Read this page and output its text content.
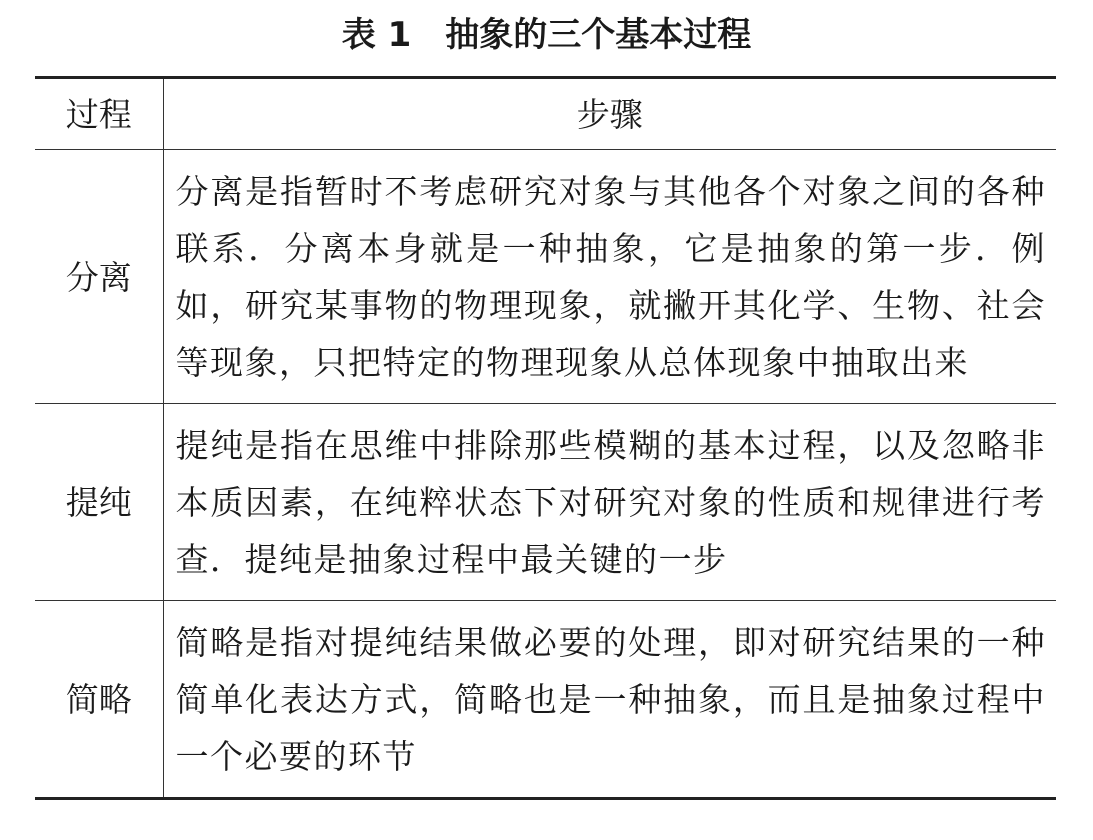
表 1　抽象的三个基本过程
过程	步骤
分离	分离是指暂时不考虑研究对象与其他各个对象之间的各种联系．分离本身就是一种抽象，它是抽象的第一步．例如，研究某事物的物理现象，就撇开其化学、生物、社会等现象，只把特定的物理现象从总体现象中抽取出来
提纯	提纯是指在思维中排除那些模糊的基本过程，以及忽略非本质因素，在纯粹状态下对研究对象的性质和规律进行考查．提纯是抽象过程中最关键的一步
简略	简略是指对提纯结果做必要的处理，即对研究结果的一种简单化表达方式，简略也是一种抽象，而且是抽象过程中一个必要的环节
